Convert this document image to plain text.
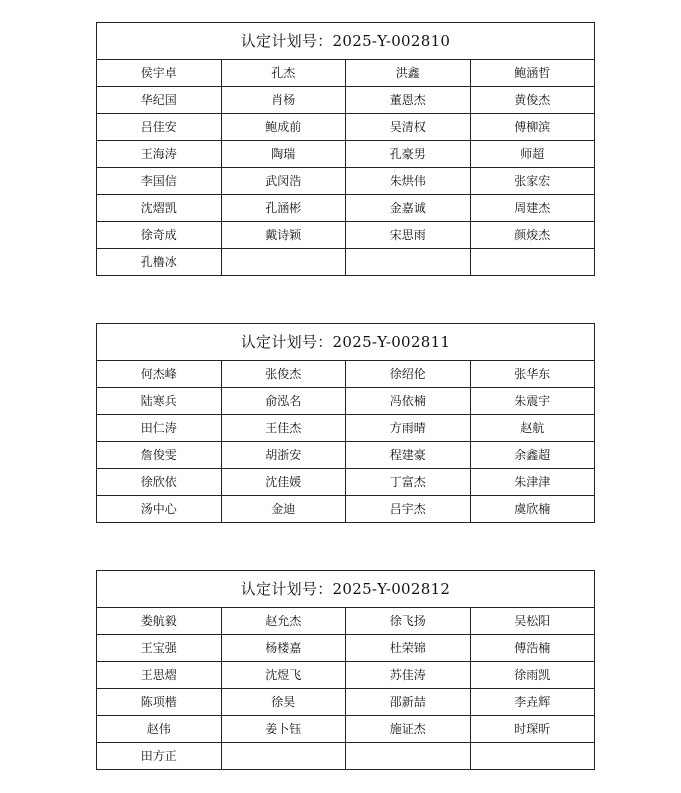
认定计划号：2025-Y-002810			
侯宇卓	孔杰	洪鑫	鲍涵哲
华纪国	肖杨	董恩杰	黄俊杰
吕佳安	鲍成前	吴清权	傅柳滨
王海涛	陶瑞	孔豪男	师超
李国信	武闵浩	朱烘伟	张家宏
沈熠凯	孔涵彬	金嘉诚	周建杰
徐奇成	戴诗颖	宋思雨	颜焌杰
孔橹冰			
认定计划号：2025-Y-002811			
何杰峰	张俊杰	徐绍伦	张华东
陆寒兵	俞泓名	冯依楠	朱震宇
田仁涛	王佳杰	方雨晴	赵航
詹俊雯	胡浙安	程建豪	余鑫超
徐欣依	沈佳媛	丁富杰	朱津津
汤中心	金迪	吕宇杰	虞欣楠
认定计划号：2025-Y-002812			
娄航毅	赵允杰	徐飞扬	吴松阳
王宝强	杨楼嘉	杜荣锦	傅浩楠
王思熠	沈煜飞	苏佳涛	徐雨凯
陈项楷	徐昊	邵新喆	李垚辉
赵伟	姜卜钰	施证杰	时琛昕
田方正			
